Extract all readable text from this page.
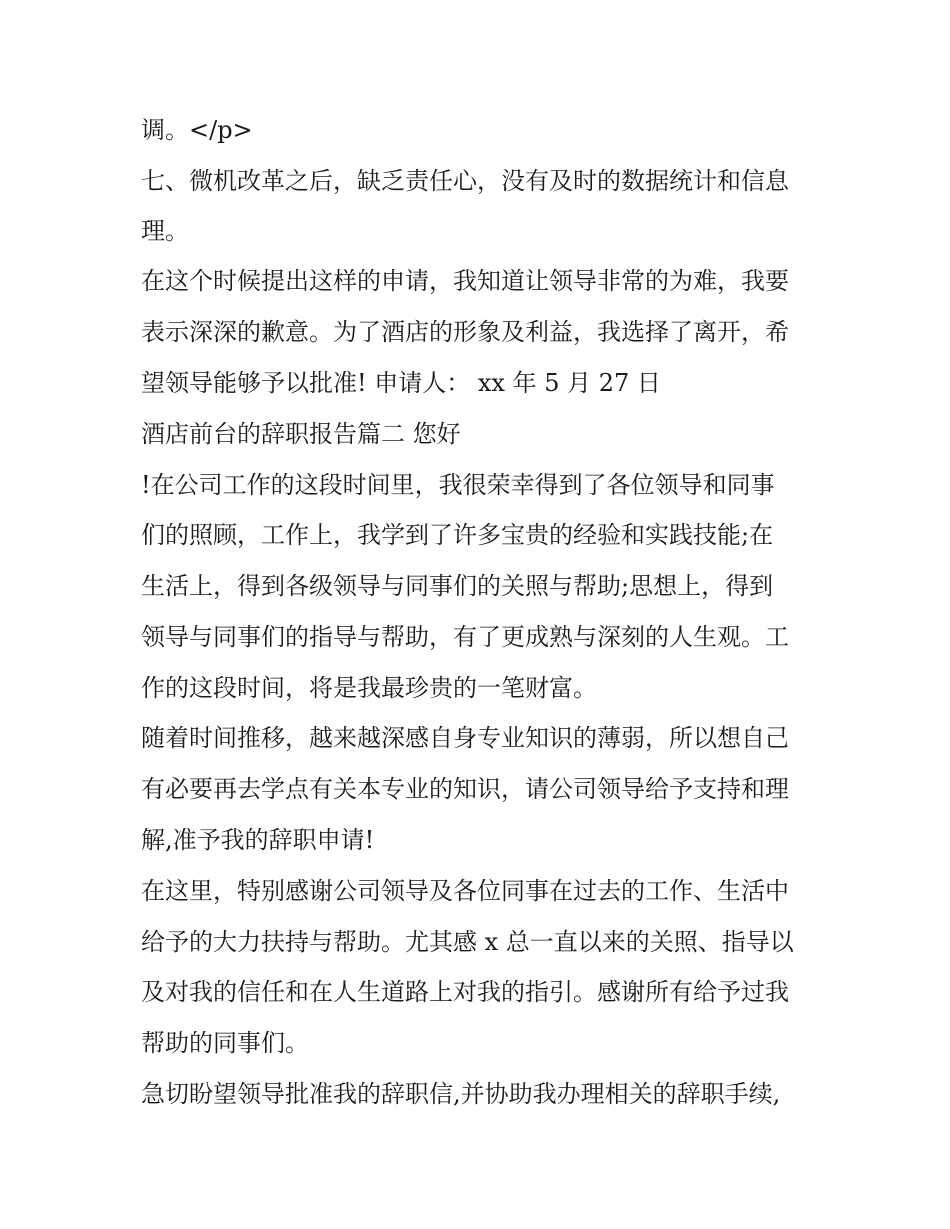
调。</p>
七、微机改革之后，缺乏责任心，没有及时的数据统计和信息
理。
在这个时候提出这样的申请，我知道让领导非常的为难，我要
表示深深的歉意。为了酒店的形象及利益，我选择了离开，希
望领导能够予以批准! 申请人： xx 年 5 月 27 日
酒店前台的辞职报告篇二 您好
!在公司工作的这段时间里，我很荣幸得到了各位领导和同事
们的照顾，工作上，我学到了许多宝贵的经验和实践技能;在
生活上，得到各级领导与同事们的关照与帮助;思想上，得到
领导与同事们的指导与帮助，有了更成熟与深刻的人生观。工
作的这段时间，将是我最珍贵的一笔财富。
随着时间推移，越来越深感自身专业知识的薄弱，所以想自己
有必要再去学点有关本专业的知识，请公司领导给予支持和理
解,准予我的辞职申请!
在这里，特别感谢公司领导及各位同事在过去的工作、生活中
给予的大力扶持与帮助。尤其感 x 总一直以来的关照、指导以
及对我的信任和在人生道路上对我的指引。感谢所有给予过我
帮助的同事们。
急切盼望领导批准我的辞职信,并协助我办理相关的辞职手续,
